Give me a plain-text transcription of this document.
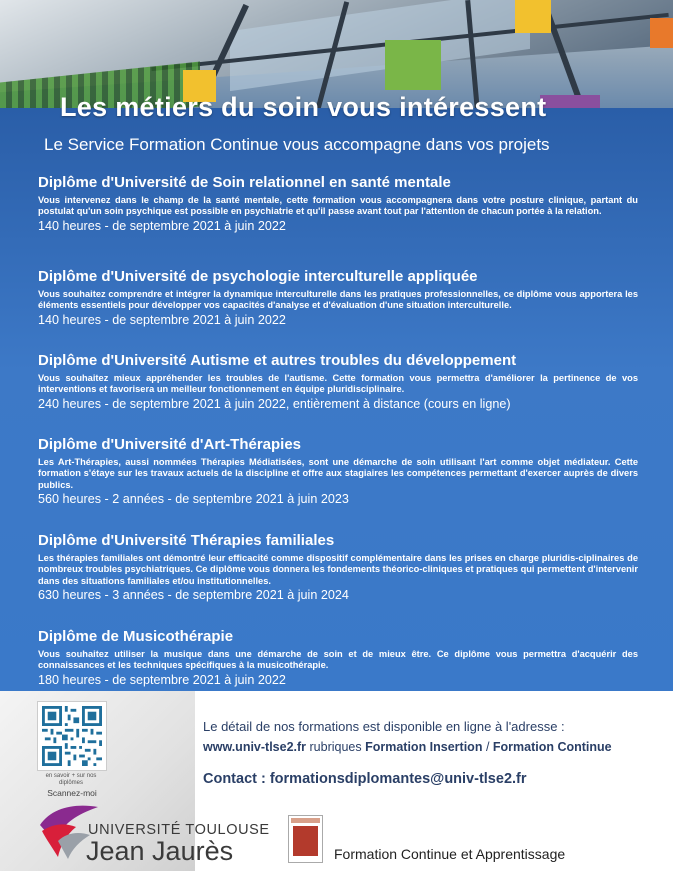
Les métiers du soin vous intéressent
Le Service Formation Continue vous accompagne dans vos projets
Diplôme d'Université de Soin relationnel en santé mentale

Vous intervenez dans le champ de la santé mentale, cette formation vous accompagnera dans votre posture clinique, partant du postulat qu'un soin psychique est possible en psychiatrie et qu'il passe avant tout par l'attention de chacun portée à la relation.

140 heures - de septembre 2021 à juin 2022
Diplôme d'Université de psychologie interculturelle appliquée

Vous souhaitez comprendre et intégrer la dynamique interculturelle dans les pratiques professionnelles, ce diplôme vous apportera les éléments essentiels pour développer vos capacités d'analyse et d'évaluation d'une situation interculturelle.

140 heures - de septembre 2021 à juin 2022
Diplôme d'Université Autisme et autres troubles du développement

Vous souhaitez mieux appréhender les troubles de l'autisme. Cette formation vous permettra d'améliorer la pertinence de vos interventions et favorisera un meilleur fonctionnement en équipe pluridisciplinaire.

240 heures - de septembre 2021 à juin 2022, entièrement à distance (cours en ligne)
Diplôme d'Université d'Art-Thérapies

Les Art-Thérapies, aussi nommées Thérapies Médiatisées, sont une démarche de soin utilisant l'art comme objet médiateur. Cette formation s'étaye sur les travaux actuels de la discipline et offre aux stagiaires les compétences permettant d'exercer auprès de divers publics.

560 heures - 2 années - de septembre 2021 à juin 2023
Diplôme d'Université Thérapies familiales

Les thérapies familiales ont démontré leur efficacité comme dispositif complémentaire dans les prises en charge pluridis-ciplinaires de nombreux troubles psychiatriques. Ce diplôme vous donnera les fondements théorico-cliniques et pratiques qui permettent d'intervenir dans des situations familiales et/ou institutionnelles.

630 heures - 3 années - de septembre 2021 à juin 2024
Diplôme de Musicothérapie

Vous souhaitez utiliser la musique dans une démarche de soin et de mieux être. Ce diplôme vous permettra d'acquérir des connaissances et les techniques spécifiques à la musicothérapie.

180 heures - de septembre 2021 à juin 2022
en savoir + sur nos diplômes
Scannez-moi
Le détail de nos formations est disponible en ligne à l'adresse :
www.univ-tlse2.fr rubriques Formation Insertion / Formation Continue
Contact : formationsdiplomantes@univ-tlse2.fr
UNIVERSITÉ TOULOUSE
Jean Jaurès	Formation Continue et Apprentissage
